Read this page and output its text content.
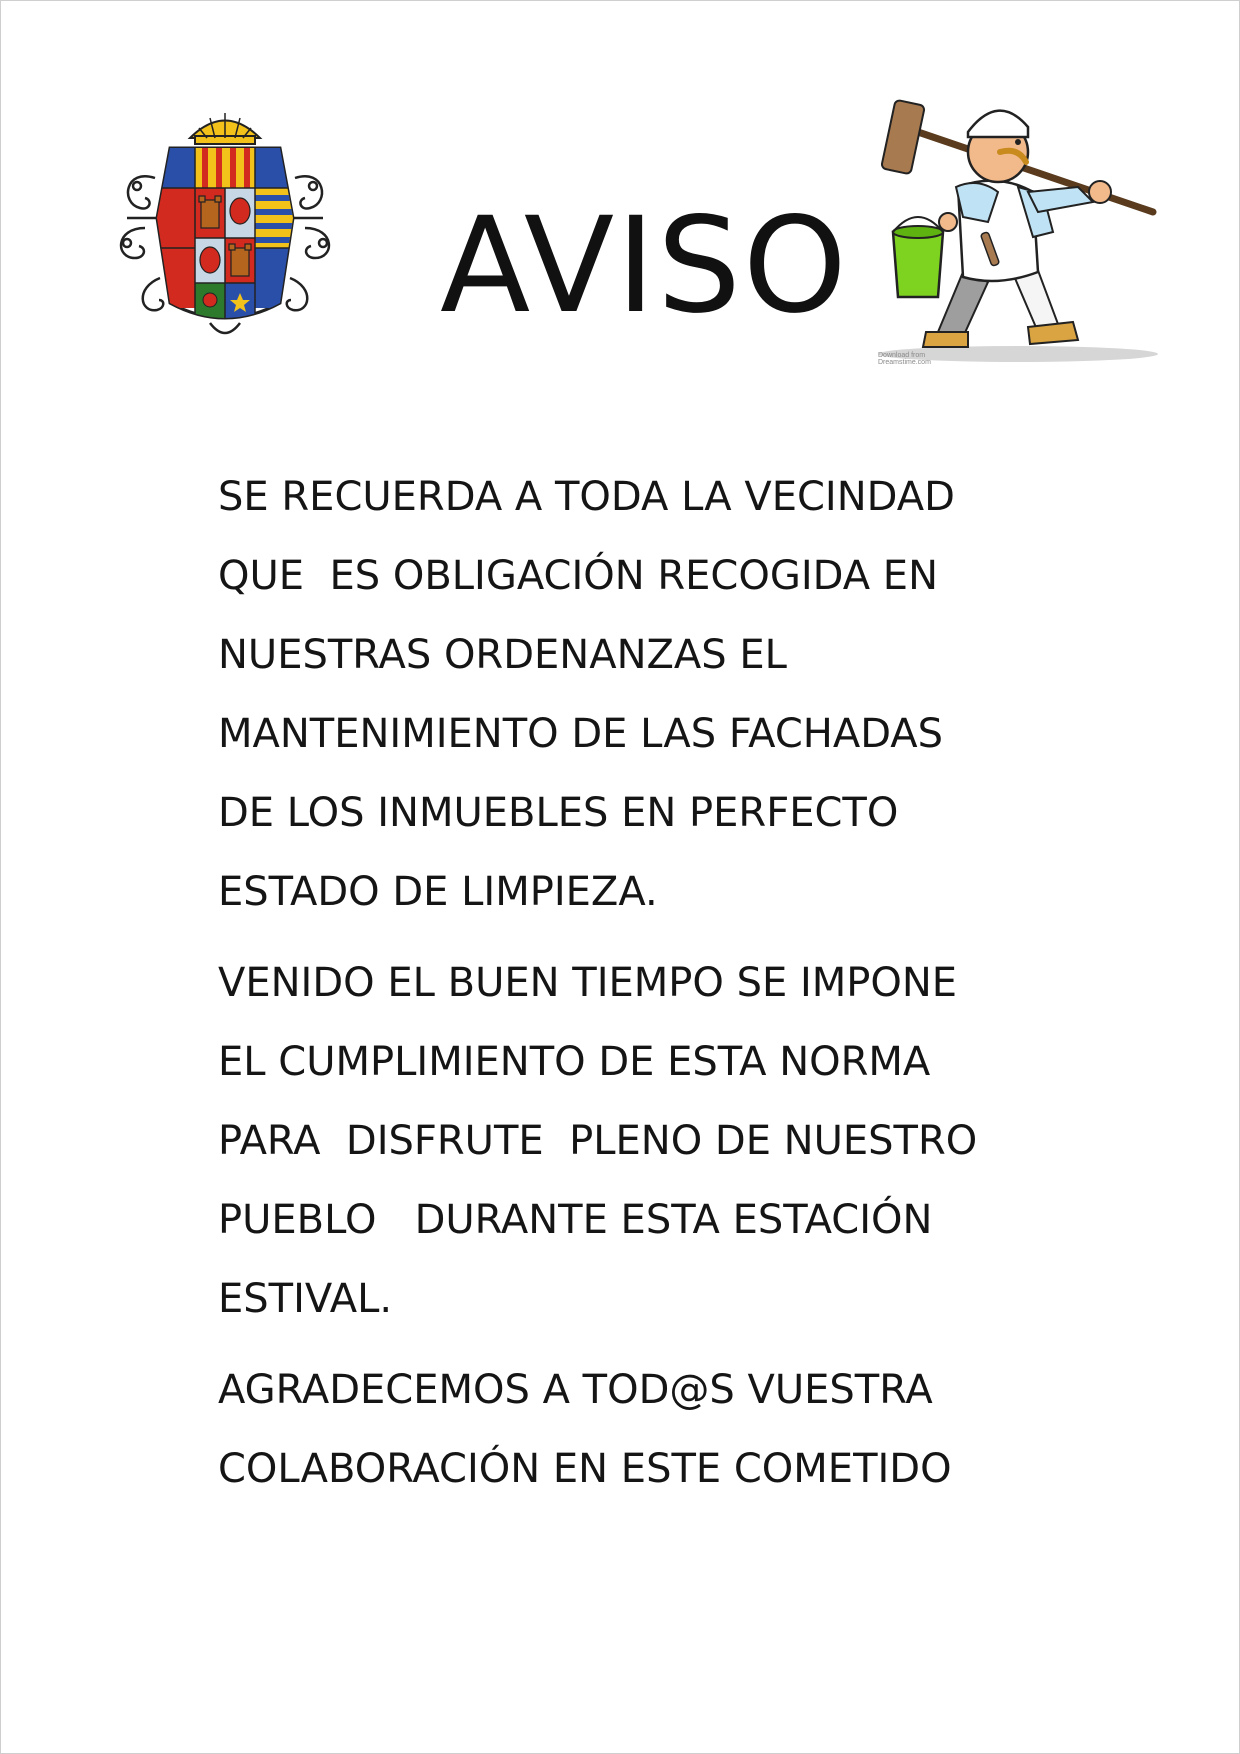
AVISO
Download from
Dreamstime.com

SE RECUERDA A TODA LA VECINDAD
QUE  ES OBLIGACIÓN RECOGIDA EN
NUESTRAS ORDENANZAS EL
MANTENIMIENTO DE LAS FACHADAS
DE LOS INMUEBLES EN PERFECTO
ESTADO DE LIMPIEZA.

VENIDO EL BUEN TIEMPO SE IMPONE
EL CUMPLIMIENTO DE ESTA NORMA
PARA  DISFRUTE  PLENO DE NUESTRO
PUEBLO   DURANTE ESTA ESTACIÓN
ESTIVAL.

AGRADECEMOS A TOD@S VUESTRA
COLABORACIÓN EN ESTE COMETIDO
